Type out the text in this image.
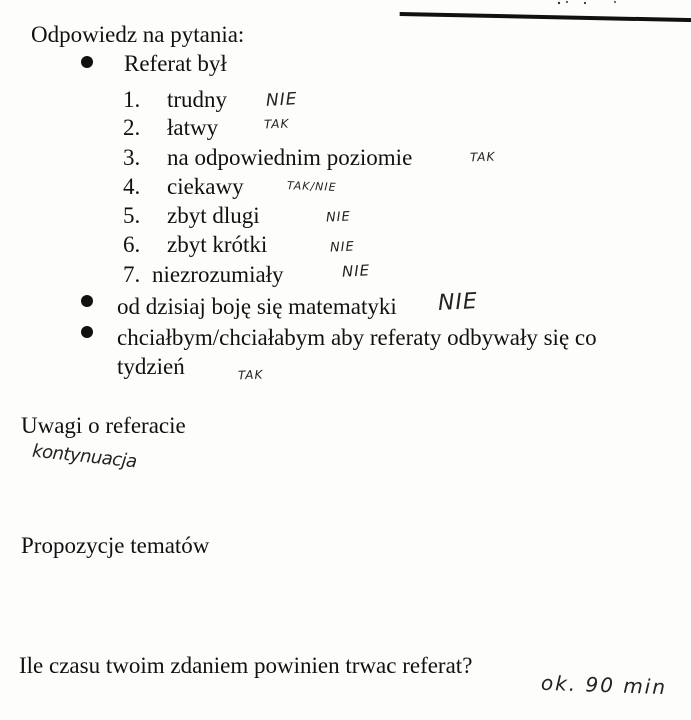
Odpowiedz na pytania:
Referat był
1. trudny NIE
2. łatwy	TAK
3. na odpowiednim poziomie	TAK
4. ciekawy	TAK/NIE
5. zbyt dlugi	NIE
6. zbyt krótki	NIE
7. niezrozumiały	NIE
od dzisiaj boję się matematyki NIE
chciałbym/chciałabym aby referaty odbywały się co
tydzień	TAK
Uwagi o referacie
kontynuacja
Propozycje tematów
Ile czasu twoim zdaniem powinien trwac referat?
ok. 90 min
